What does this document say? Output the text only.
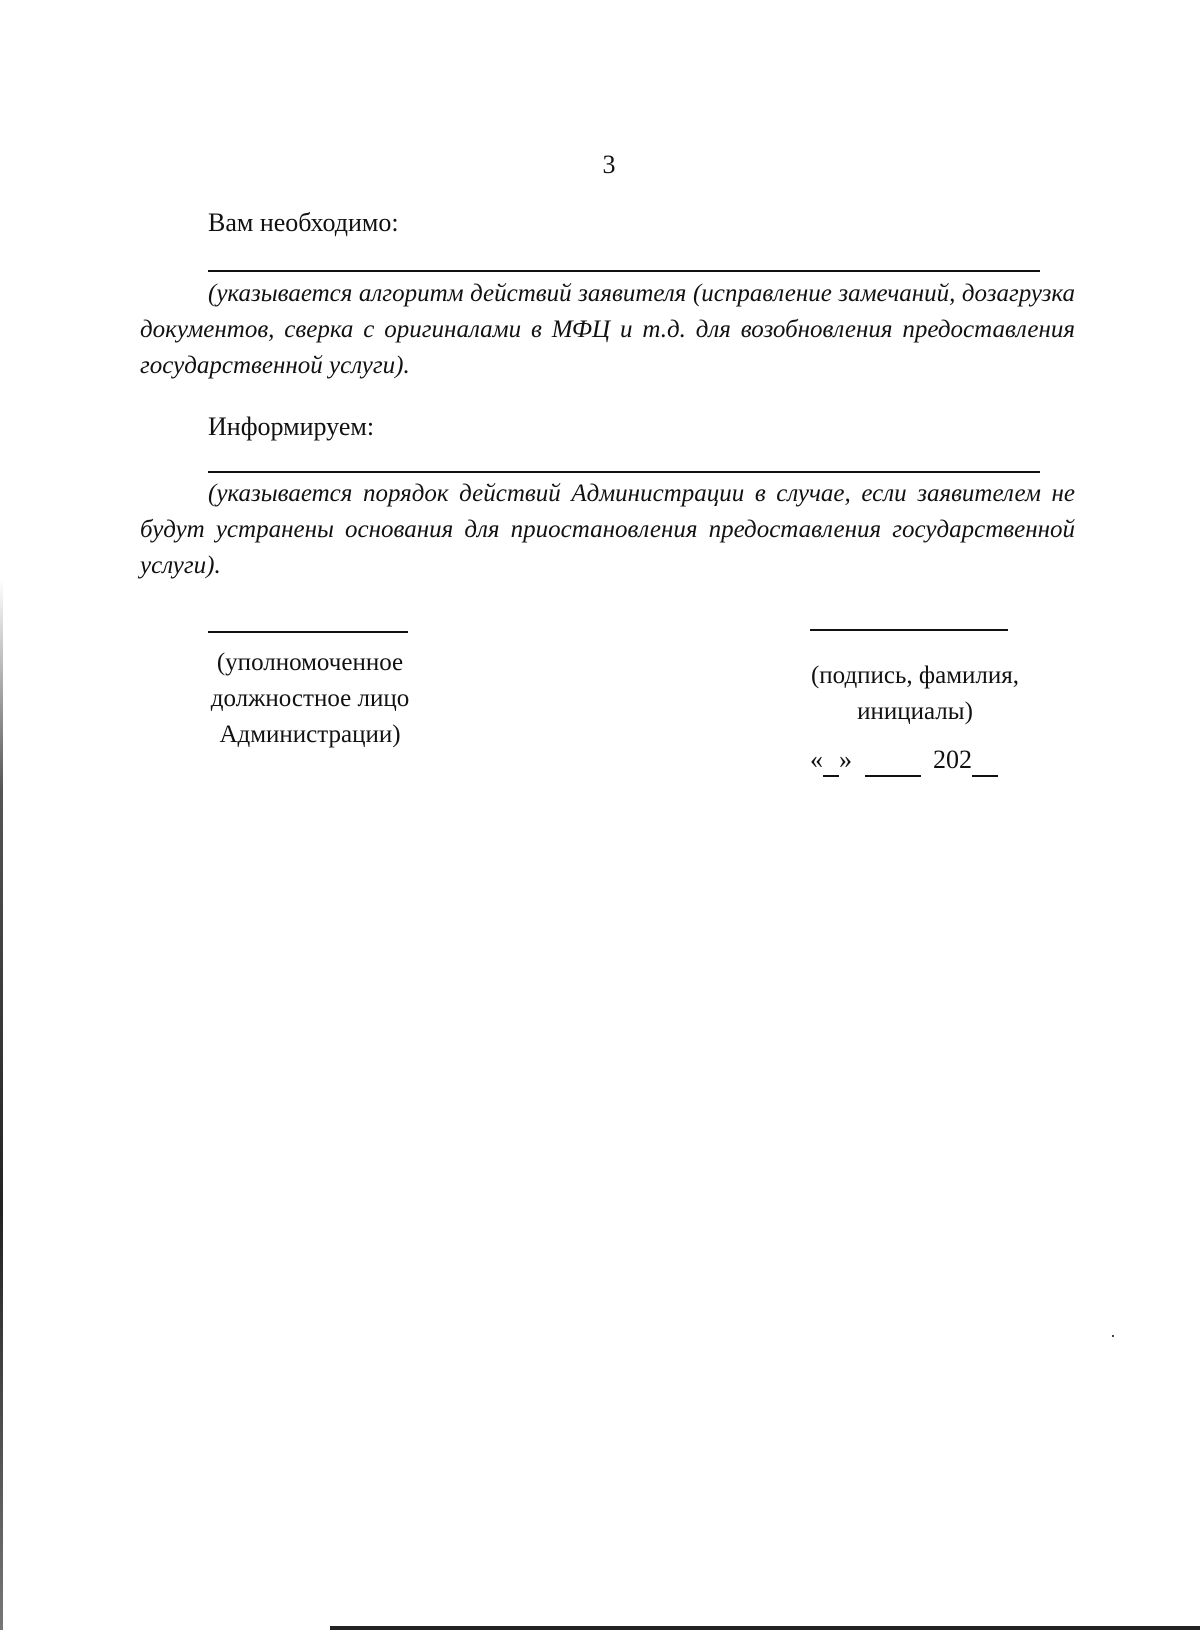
3
Вам необходимо:
(указывается алгоритм действий заявителя (исправление замечаний, дозагрузка документов, сверка с оригиналами в МФЦ и т.д. для возобновления предоставления государственной услуги).
Информируем:
(указывается порядок действий Администрации в случае, если заявителем не будут устранены основания для приостановления предоставления государственной услуги).
(уполномоченное
должностное лицо
Администрации)
(подпись, фамилия,
инициалы)
« »	202
